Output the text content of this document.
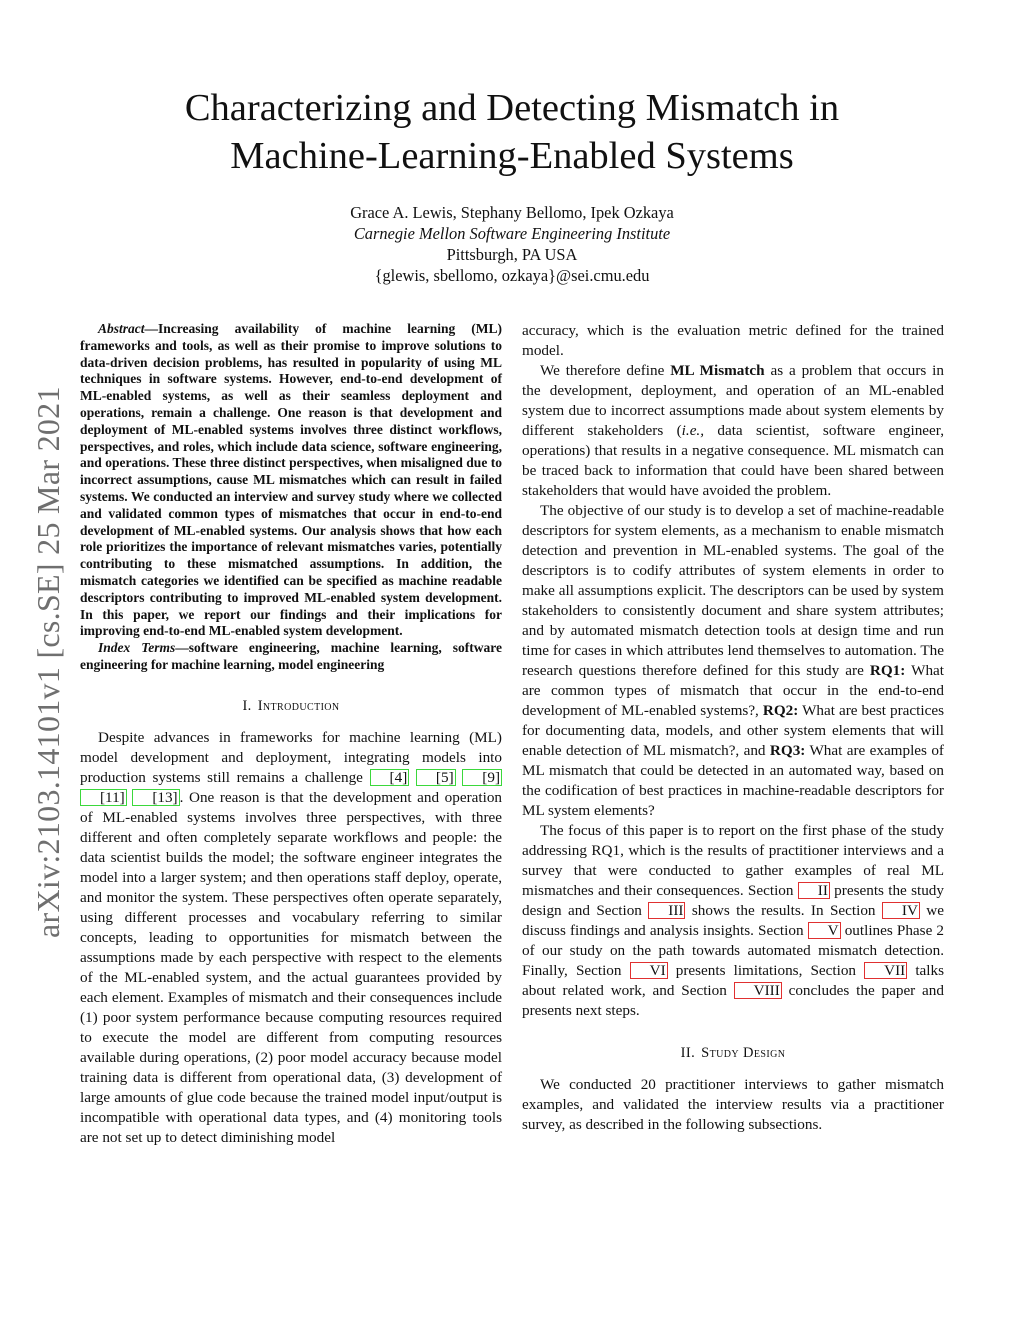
Characterizing and Detecting Mismatch in
Machine-Learning-Enabled Systems
Grace A. Lewis, Stephany Bellomo, Ipek Ozkaya
Carnegie Mellon Software Engineering Institute
Pittsburgh, PA USA
{glewis, sbellomo, ozkaya}@sei.cmu.edu
arXiv:2103.14101v1 [cs.SE] 25 Mar 2021

Abstract—Increasing availability of machine learning (ML) frameworks and tools, as well as their promise to improve solutions to data-driven decision problems, has resulted in popularity of using ML techniques in software systems. However, end-to-end development of ML-enabled systems, as well as their seamless deployment and operations, remain a challenge. One reason is that development and deployment of ML-enabled systems involves three distinct workflows, perspectives, and roles, which include data science, software engineering, and operations. These three distinct perspectives, when misaligned due to incorrect assumptions, cause ML mismatches which can result in failed systems. We conducted an interview and survey study where we collected and validated common types of mismatches that occur in end-to-end development of ML-enabled systems. Our analysis shows that how each role prioritizes the importance of relevant mismatches varies, potentially contributing to these mismatched assumptions. In addition, the mismatch categories we identified can be specified as machine readable descriptors contributing to improved ML-enabled system development. In this paper, we report our findings and their implications for improving end-to-end ML-enabled system development.

Index Terms—software engineering, machine learning, software engineering for machine learning, model engineering

I. Introduction

Despite advances in frameworks for machine learning (ML) model development and deployment, integrating models into production systems still remains a challenge [4] [5] [9] [11] [13] . One reason is that the development and operation of ML-enabled systems involves three perspectives, with three different and often completely separate workflows and people: the data scientist builds the model; the software engineer integrates the model into a larger system; and then operations staff deploy, operate, and monitor the system. These perspectives often operate separately, using different processes and vocabulary referring to similar concepts, leading to opportunities for mismatch between the assumptions made by each perspective with respect to the elements of the ML-enabled system, and the actual guarantees provided by each element. Examples of mismatch and their consequences include (1) poor system performance because computing resources required to execute the model are different from computing resources available during operations, (2) poor model accuracy because model training data is different from operational data, (3) development of large amounts of glue code because the trained model input/output is incompatible with operational data types, and (4) monitoring tools are not set up to detect diminishing model

accuracy, which is the evaluation metric defined for the trained model.

We therefore define ML Mismatch as a problem that occurs in the development, deployment, and operation of an ML-enabled system due to incorrect assumptions made about system elements by different stakeholders (i.e., data scientist, software engineer, operations) that results in a negative consequence. ML mismatch can be traced back to information that could have been shared between stakeholders that would have avoided the problem.

The objective of our study is to develop a set of machine-readable descriptors for system elements, as a mechanism to enable mismatch detection and prevention in ML-enabled systems. The goal of the descriptors is to codify attributes of system elements in order to make all assumptions explicit. The descriptors can be used by system stakeholders to consistently document and share system attributes; and by automated mismatch detection tools at design time and run time for cases in which attributes lend themselves to automation. The research questions therefore defined for this study are RQ1: What are common types of mismatch that occur in the end-to-end development of ML-enabled systems?, RQ2: What are best practices for documenting data, models, and other system elements that will enable detection of ML mismatch?, and RQ3: What are examples of ML mismatch that could be detected in an automated way, based on the codification of best practices in machine-readable descriptors for ML system elements?

The focus of this paper is to report on the first phase of the study addressing RQ1, which is the results of practitioner interviews and a survey that were conducted to gather examples of real ML mismatches and their consequences. Section II presents the study design and Section III shows the results. In Section IV we discuss findings and analysis insights. Section V outlines Phase 2 of our study on the path towards automated mismatch detection. Finally, Section VI presents limitations, Section VII talks about related work, and Section VIII concludes the paper and presents next steps.

II. Study Design

We conducted 20 practitioner interviews to gather mismatch examples, and validated the interview results via a practitioner survey, as described in the following subsections.
